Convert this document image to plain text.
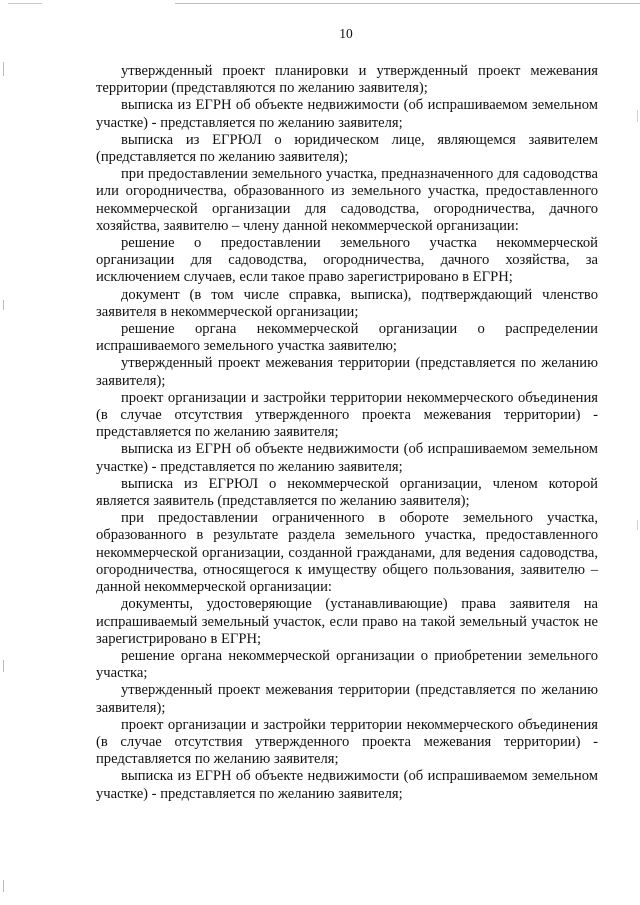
10

утвержденный проект планировки и утвержденный проект межевания территории (представляются по желанию заявителя);

выписка из ЕГРН об объекте недвижимости (об испрашиваемом земельном участке) - представляется по желанию заявителя;

выписка из ЕГРЮЛ о юридическом лице, являющемся заявителем (представляется по желанию заявителя);

при предоставлении земельного участка, предназначенного для садоводства или огородничества, образованного из земельного участка, предоставленного некоммерческой организации для садоводства, огородничества, дачного хозяйства, заявителю – члену данной некоммерческой организации:

решение о предоставлении земельного участка некоммерческой организации для садоводства, огородничества, дачного хозяйства, за исключением случаев, если такое право зарегистрировано в ЕГРН;

документ (в том числе справка, выписка), подтверждающий членство заявителя в некоммерческой организации;

решение органа некоммерческой организации о распределении испрашиваемого земельного участка заявителю;

утвержденный проект межевания территории (представляется по желанию заявителя);

проект организации и застройки территории некоммерческого объединения (в случае отсутствия утвержденного проекта межевания территории) - представляется по желанию заявителя;

выписка из ЕГРН об объекте недвижимости (об испрашиваемом земельном участке) - представляется по желанию заявителя;

выписка из ЕГРЮЛ о некоммерческой организации, членом которой является заявитель (представляется по желанию заявителя);

при предоставлении ограниченного в обороте земельного участка, образованного в результате раздела земельного участка, предоставленного некоммерческой организации, созданной гражданами, для ведения садоводства, огородничества, относящегося к имуществу общего пользования, заявителю – данной некоммерческой организации:

документы, удостоверяющие (устанавливающие) права заявителя на испрашиваемый земельный участок, если право на такой земельный участок не зарегистрировано в ЕГРН;

решение органа некоммерческой организации о приобретении земельного участка;

утвержденный проект межевания территории (представляется по желанию заявителя);

проект организации и застройки территории некоммерческого объединения (в случае отсутствия утвержденного проекта межевания территории) - представляется по желанию заявителя;

выписка из ЕГРН об объекте недвижимости (об испрашиваемом земельном участке) - представляется по желанию заявителя;
